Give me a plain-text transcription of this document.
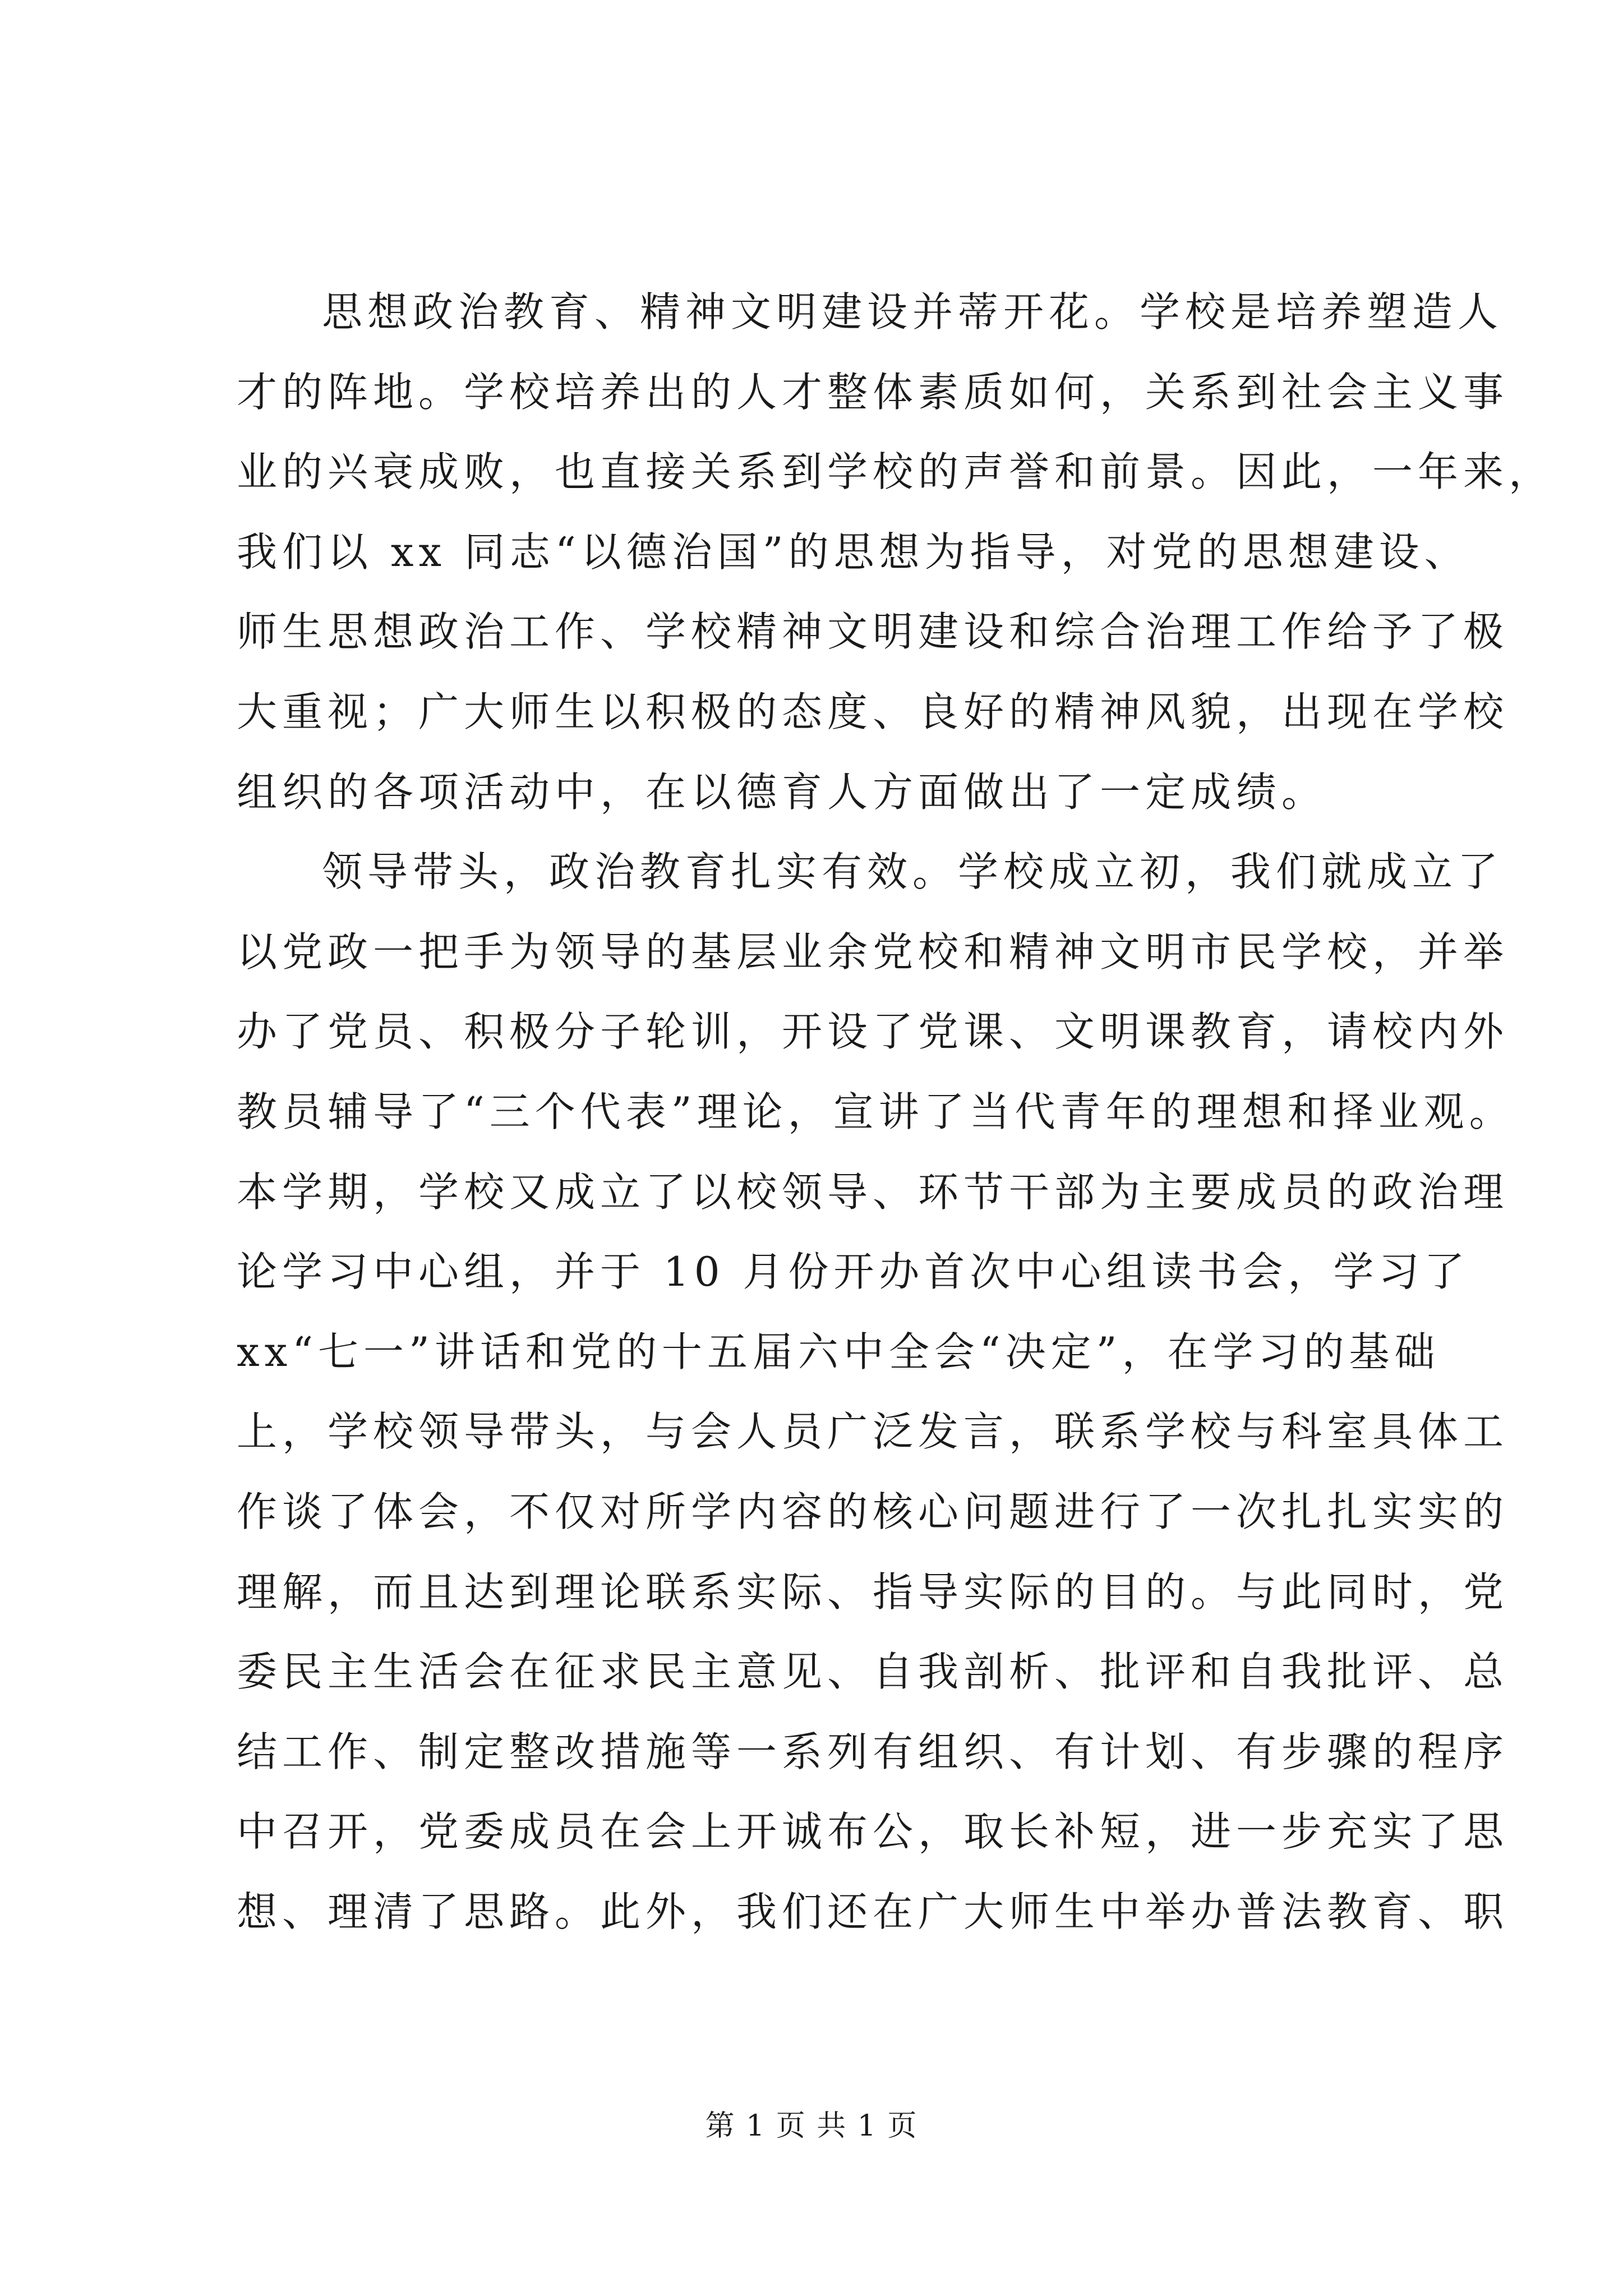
思想政治教育、精神文明建设并蒂开花。学校是培养塑造人
才的阵地。学校培养出的人才整体素质如何，关系到社会主义事
业的兴衰成败，也直接关系到学校的声誉和前景。因此，一年来，
我们以 xx 同志“以德治国”的思想为指导，对党的思想建设、
师生思想政治工作、学校精神文明建设和综合治理工作给予了极
大重视；广大师生以积极的态度、良好的精神风貌，出现在学校
组织的各项活动中，在以德育人方面做出了一定成绩。
领导带头，政治教育扎实有效。学校成立初，我们就成立了
以党政一把手为领导的基层业余党校和精神文明市民学校，并举
办了党员、积极分子轮训，开设了党课、文明课教育，请校内外
教员辅导了“三个代表”理论，宣讲了当代青年的理想和择业观。
本学期，学校又成立了以校领导、环节干部为主要成员的政治理
论学习中心组，并于 10 月份开办首次中心组读书会，学习了
xx“七一”讲话和党的十五届六中全会“决定”，在学习的基础
上，学校领导带头，与会人员广泛发言，联系学校与科室具体工
作谈了体会，不仅对所学内容的核心问题进行了一次扎扎实实的
理解，而且达到理论联系实际、指导实际的目的。与此同时，党
委民主生活会在征求民主意见、自我剖析、批评和自我批评、总
结工作、制定整改措施等一系列有组织、有计划、有步骤的程序
中召开，党委成员在会上开诚布公，取长补短，进一步充实了思
想、理清了思路。此外，我们还在广大师生中举办普法教育、职
第 1 页 共 1 页
